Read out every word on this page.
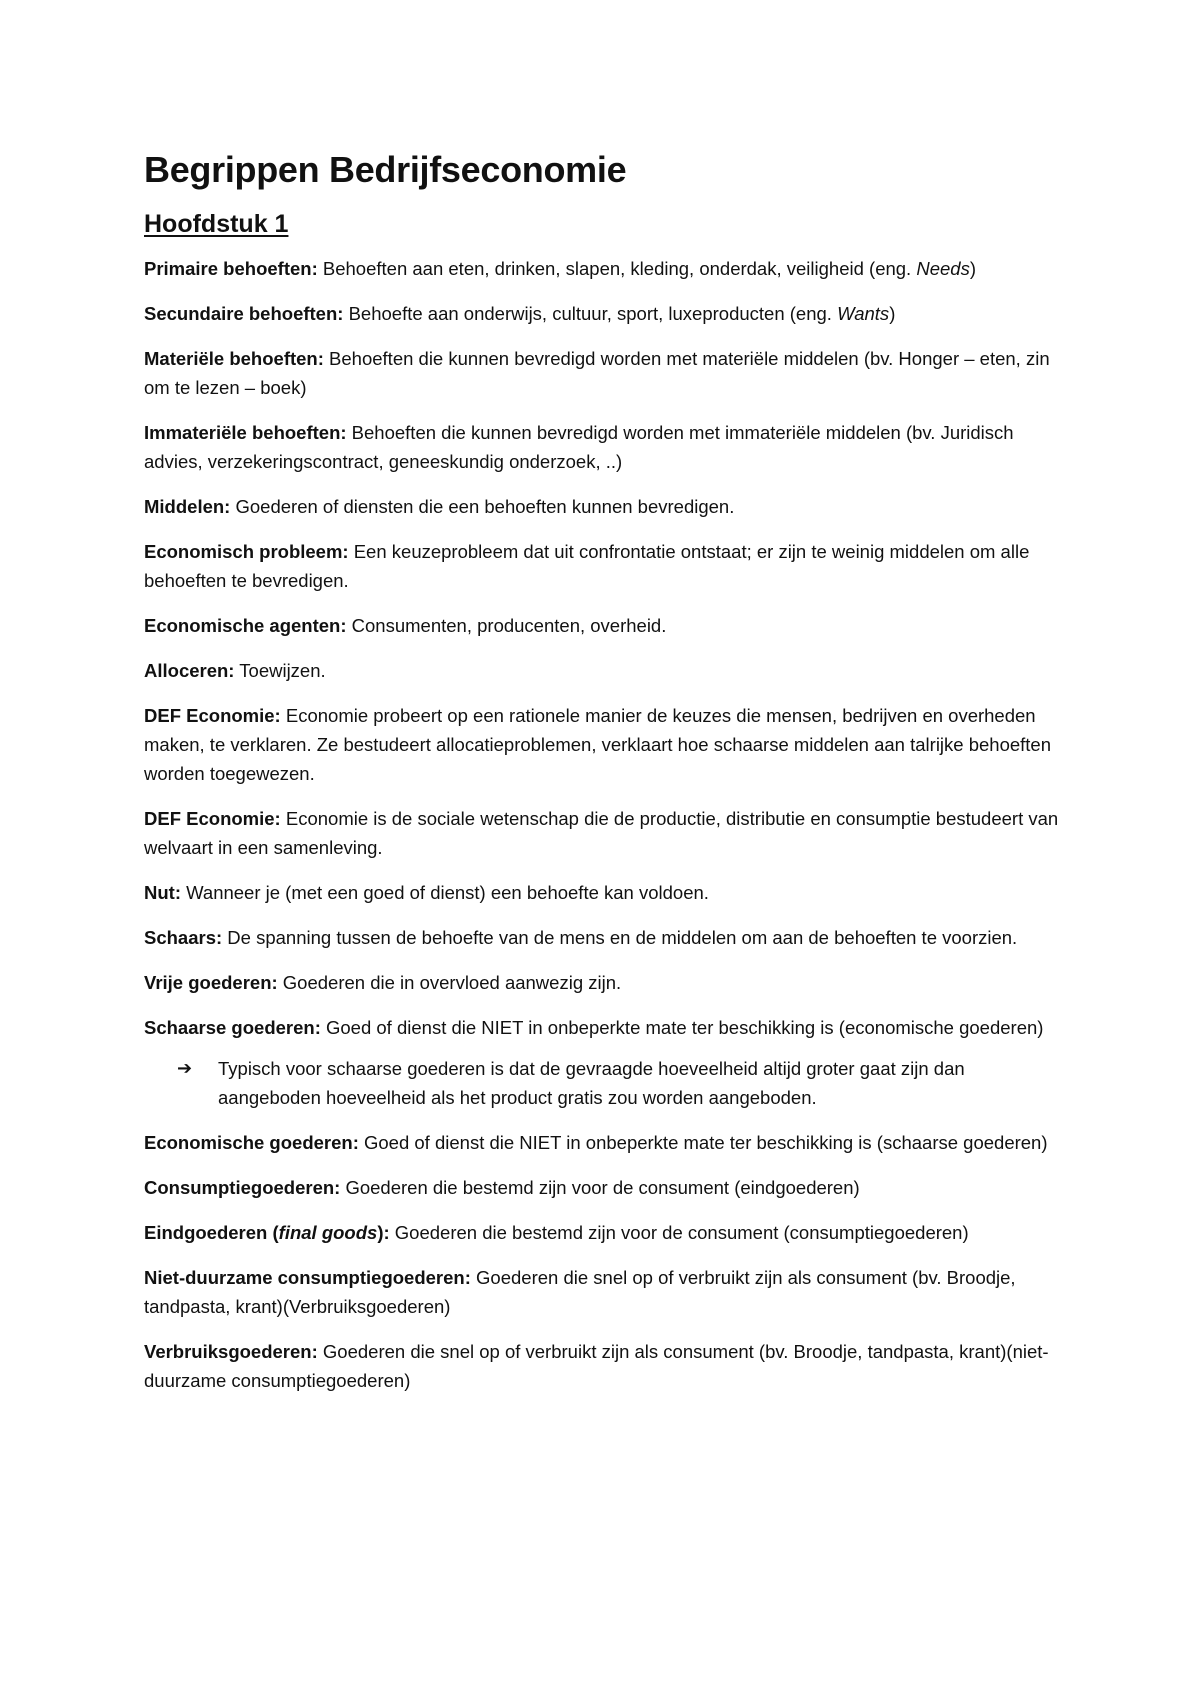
Begrippen Bedrijfseconomie
Hoofdstuk 1

Primaire behoeften: Behoeften aan eten, drinken, slapen, kleding, onderdak, veiligheid (eng. Needs)

Secundaire behoeften: Behoefte aan onderwijs, cultuur, sport, luxeproducten (eng. Wants)

Materiële behoeften: Behoeften die kunnen bevredigd worden met materiële middelen (bv. Honger – eten, zin om te lezen – boek)

Immateriële behoeften: Behoeften die kunnen bevredigd worden met immateriële middelen (bv. Juridisch advies, verzekeringscontract, geneeskundig onderzoek, ..)

Middelen: Goederen of diensten die een behoeften kunnen bevredigen.

Economisch probleem: Een keuzeprobleem dat uit confrontatie ontstaat; er zijn te weinig middelen om alle behoeften te bevredigen.

Economische agenten: Consumenten, producenten, overheid.

Alloceren: Toewijzen.

DEF Economie: Economie probeert op een rationele manier de keuzes die mensen, bedrijven en overheden maken, te verklaren. Ze bestudeert allocatieproblemen, verklaart hoe schaarse middelen aan talrijke behoeften worden toegewezen.

DEF Economie: Economie is de sociale wetenschap die de productie, distributie en consumptie bestudeert van welvaart in een samenleving.

Nut: Wanneer je (met een goed of dienst) een behoefte kan voldoen.

Schaars: De spanning tussen de behoefte van de mens en de middelen om aan de behoeften te voorzien.

Vrije goederen: Goederen die in overvloed aanwezig zijn.

Schaarse goederen: Goed of dienst die NIET in onbeperkte mate ter beschikking is (economische goederen)

➔ Typisch voor schaarse goederen is dat de gevraagde hoeveelheid altijd groter gaat zijn dan aangeboden hoeveelheid als het product gratis zou worden aangeboden.

Economische goederen: Goed of dienst die NIET in onbeperkte mate ter beschikking is (schaarse goederen)

Consumptiegoederen: Goederen die bestemd zijn voor de consument (eindgoederen)

Eindgoederen (final goods): Goederen die bestemd zijn voor de consument (consumptiegoederen)

Niet-duurzame consumptiegoederen: Goederen die snel op of verbruikt zijn als consument (bv. Broodje, tandpasta, krant)(Verbruiksgoederen)

Verbruiksgoederen: Goederen die snel op of verbruikt zijn als consument (bv. Broodje, tandpasta, krant)(niet-duurzame consumptiegoederen)
